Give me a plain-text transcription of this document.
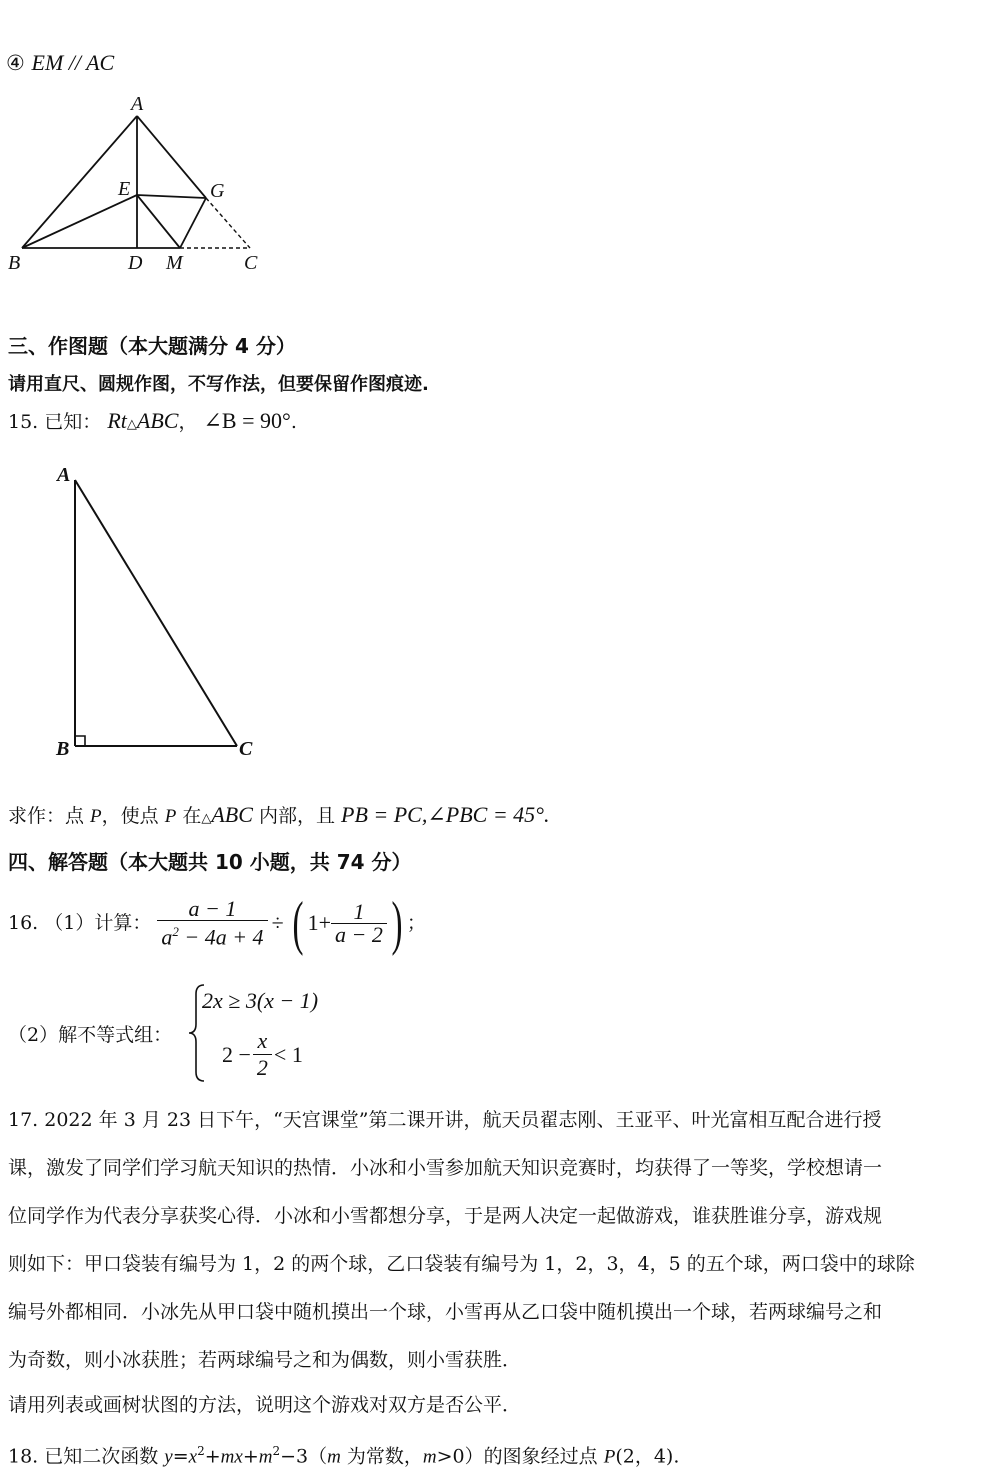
④ EM // AC
A
E	G
B	D M	C
三、作图题（本大题满分 4 分）
请用直尺、圆规作图，不写作法，但要保留作图痕迹.
15. 已知： Rt△ABC， ∠B = 90°.
A
B	C
求作：点 P，使点 P 在△ABC 内部，且 PB = PC,∠PBC = 45°.
四、解答题（本大题共 10 小题，共 74 分）
16. （1）计算： $\frac{a - 1}{a^2 - 4a + 4}$ ÷ ( $1+ \frac{1}{a - 2}$ ) ；
（2）解不等式组：
2x ≥ 3(x − 1)
$2 - \frac{x}{2} < 1$
17. 2022 年 3 月 23 日下午，“天宫课堂”第二课开讲，航天员翟志刚、王亚平、叶光富相互配合进行授
课，激发了同学们学习航天知识的热情．小冰和小雪参加航天知识竞赛时，均获得了一等奖，学校想请一
位同学作为代表分享获奖心得．小冰和小雪都想分享，于是两人决定一起做游戏，谁获胜谁分享，游戏规
则如下：甲口袋装有编号为 1，2 的两个球，乙口袋装有编号为 1，2，3，4，5 的五个球，两口袋中的球除
编号外都相同．小冰先从甲口袋中随机摸出一个球，小雪再从乙口袋中随机摸出一个球，若两球编号之和
为奇数，则小冰获胜；若两球编号之和为偶数，则小雪获胜．
请用列表或画树状图的方法，说明这个游戏对双方是否公平．
18. 已知二次函数 $y=x^2+mx+m^2-3(m$ 为常数，m>0）的图象经过点 P(2，4).
